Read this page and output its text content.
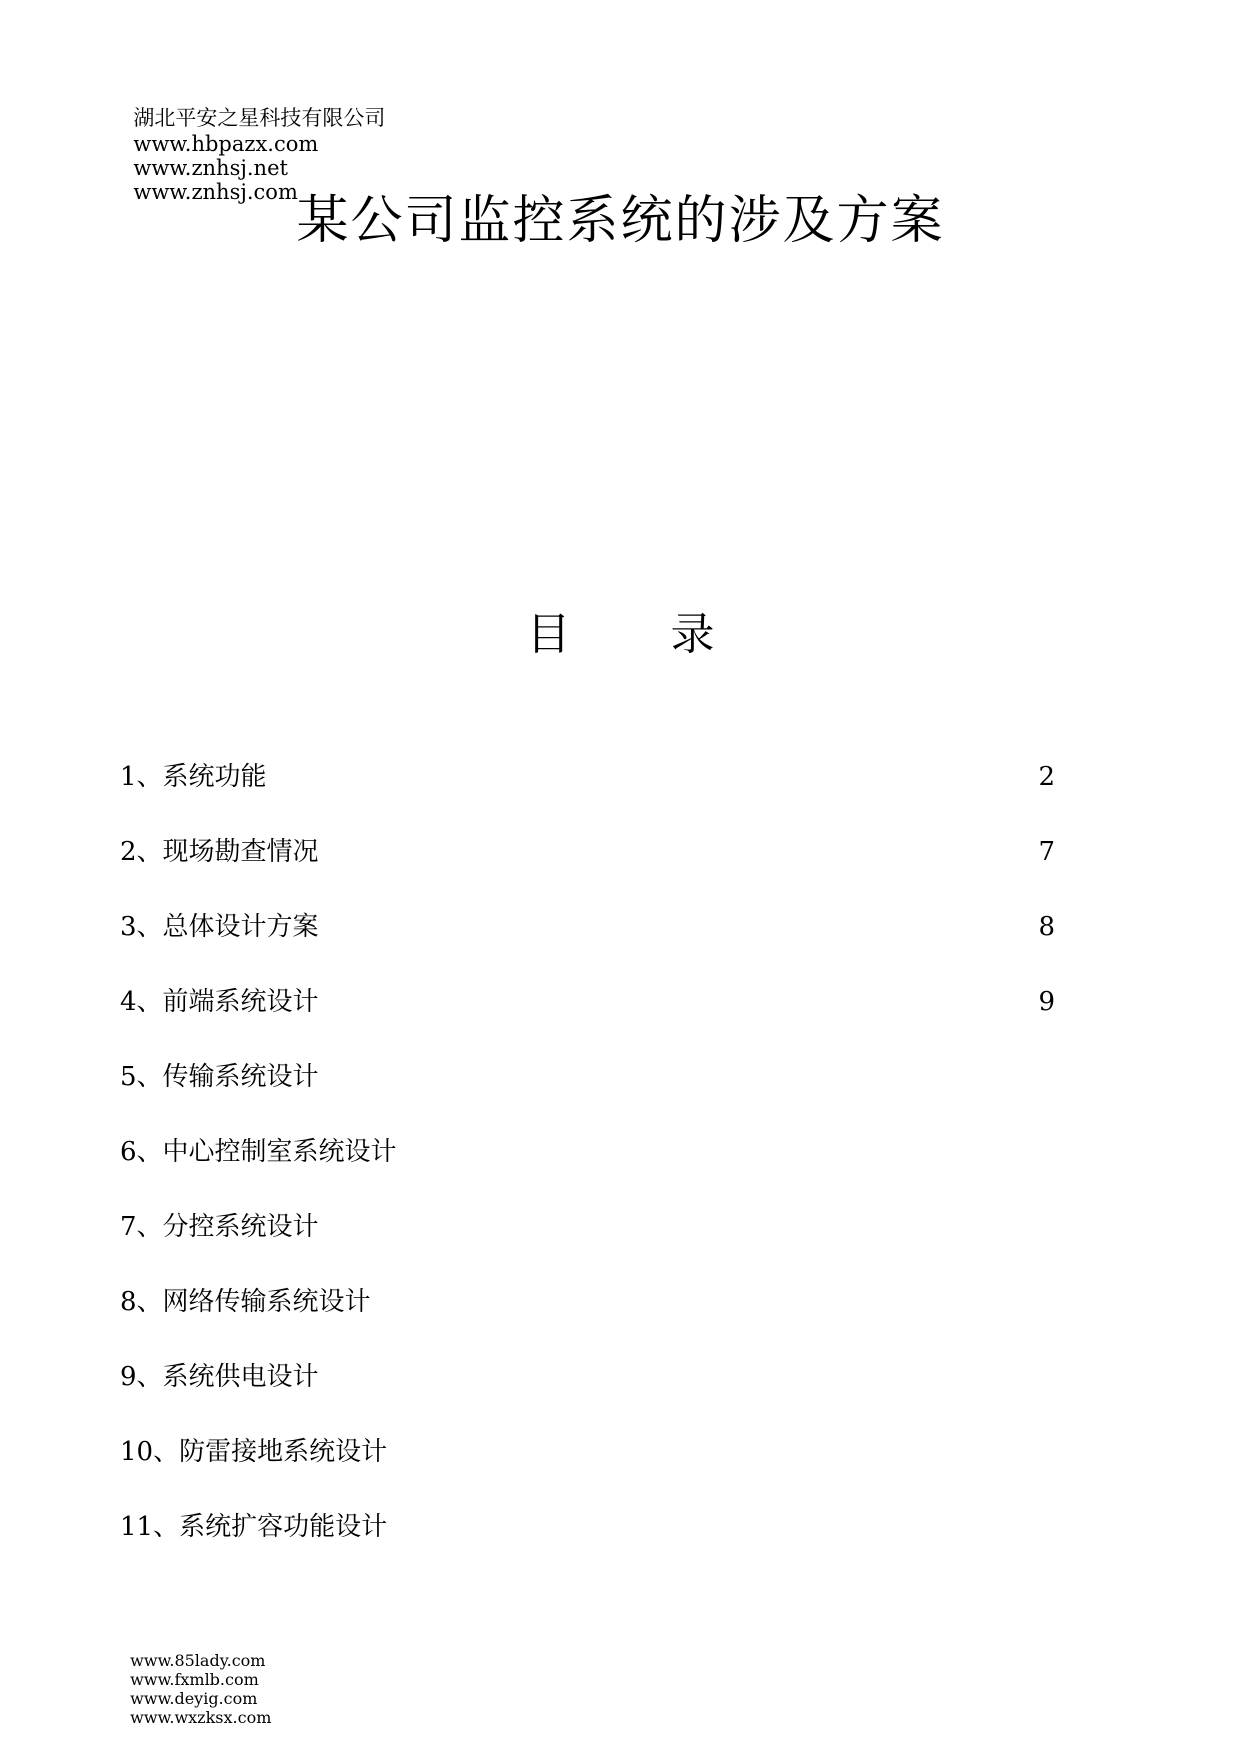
湖北平安之星科技有限公司
www.hbpazx.com
www.znhsj.net
www.znhsj.com

某公司监控系统的涉及方案
目 录
1、系统功能	2
2、现场勘查情况	7
3、总体设计方案	8
4、前端系统设计	9
5、传输系统设计
6、中心控制室系统设计
7、分控系统设计
8、网络传输系统设计
9、系统供电设计
10、防雷接地系统设计
11、系统扩容功能设计

www.85lady.com
www.fxmlb.com
www.deyig.com
www.wxzksx.com
